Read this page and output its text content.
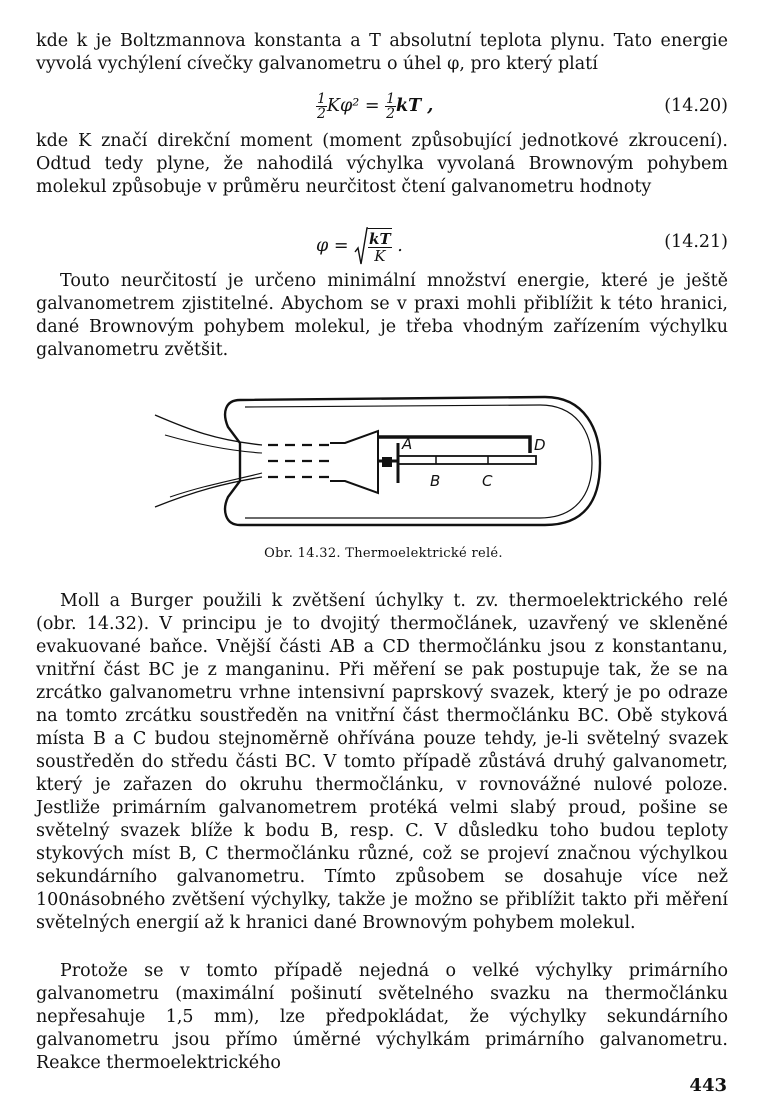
kde k je Boltzmannova konstanta a T absolutní teplota plynu. Tato energie vyvolá vychýlení cívečky galvanometru o úhel φ, pro který platí

$\frac{1}{2} K\varphi^2 = \frac{1}{2}$ kT ,	(14.20)

kde K značí direkční moment (moment způsobující jednotkové zkroucení). Odtud tedy plyne, že nahodilá výchylka vyvolaná Brownovým pohybem molekul způsobuje v průměru neurčitost čtení galvanometru hodnoty

$\varphi = \frac{kT}{K}$ .	(14.21)

Touto neurčitostí je určeno minimální množství energie, které je ještě galvanometrem zjistitelné. Abychom se v praxi mohli přiblížit k této hranici, dané Brownovým pohybem molekul, je třeba vhodným zařízením výchylku galvanometru zvětšit.

A
B	C
D
Obr. 14.32. Thermoelektrické relé.

Moll a Burger použili k zvětšení úchylky t. zv. thermoelektrického relé (obr. 14.32). V principu je to dvojitý thermočlánek, uzavřený ve skleněné evakuované baňce. Vnější části AB a CD thermočlánku jsou z konstantanu, vnitřní část BC je z manganinu. Při měření se pak postupuje tak, že se na zrcátko galvanometru vrhne intensivní paprskový svazek, který je po odraze na tomto zrcátku soustředěn na vnitřní část thermočlánku BC. Obě styková místa B a C budou stejnoměrně ohřívána pouze tehdy, je-li světelný svazek soustředěn do středu části BC. V tomto případě zůstává druhý galvanometr, který je zařazen do okruhu thermočlánku, v rovnovážné nulové poloze. Jestliže primárním galvanometrem protéká velmi slabý proud, pošine se světelný svazek blíže k bodu B, resp. C. V důsledku toho budou teploty stykových míst B, C thermočlánku různé, což se projeví značnou výchylkou sekundárního galvanometru. Tímto způsobem se dosahuje více než 100násobného zvětšení výchylky, takže je možno se přiblížit takto při měření světelných energií až k hranici dané Brownovým pohybem molekul.

Protože se v tomto případě nejedná o velké výchylky primárního galvanometru (maximální pošinutí světelného svazku na thermočlánku nepřesahuje 1,5 mm), lze předpokládat, že výchylky sekundárního galvanometru jsou přímo úměrné výchylkám primárního galvanometru. Reakce thermoelektrického

443
